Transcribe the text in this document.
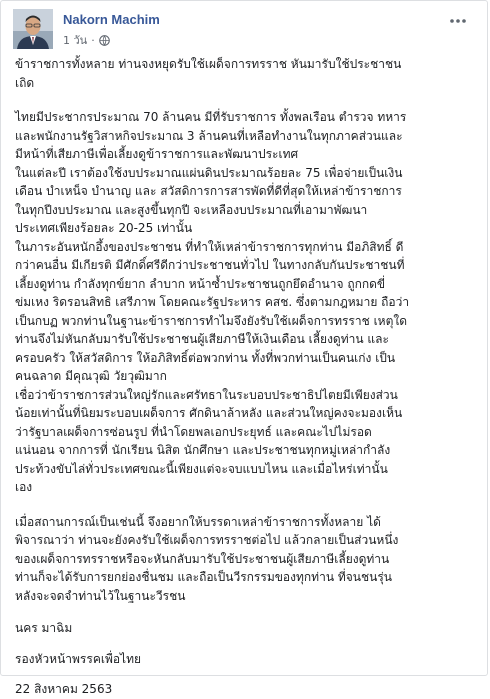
Nakorn Machim
1 วัน ·
ข้าราชการทั้งหลาย ท่านจงหยุดรับใช้เผด็จการทรราช หันมารับใช้ประชาชน
เถิด
ไทยมีประชากรประมาณ 70 ล้านคน มีที่รับราชการ ทั้งพลเรือน ตำรวจ ทหาร
และพนักงานรัฐวิสาหกิจประมาณ 3 ล้านคนที่เหลือทำงานในทุกภาคส่วนและ
มีหน้าที่เสียภาษีเพื่อเลี้ยงดูข้าราชการและพัฒนาประเทศ
ในแต่ละปี เราต้องใช้งบประมาณแผ่นดินประมาณร้อยละ 75 เพื่อจ่ายเป็นเงิน
เดือน บำเหน็จ บำนาญ และ สวัสดิการการสารพัดที่ดีที่สุดให้เหล่าข้าราชการ
ในทุกปีงบประมาณ และสูงขึ้นทุกปี จะเหลืองบประมาณที่เอามาพัฒนา
ประเทศเพียงร้อยละ 20-25 เท่านั้น
ในภาระอันหนักอึ้งของประชาชน ที่ทำให้เหล่าข้าราชการทุกท่าน มีอภิสิทธิ์ ดี
กว่าคนอื่น มีเกียรติ มีศักดิ์ศรีดีกว่าประชาชนทั่วไป ในทางกลับกันประชาชนที่
เลี้ยงดูท่าน กำลังทุกข์ยาก ลำบาก หน้าซ้ำประชาชนถูกยึดอำนาจ ถูกกดขี่
ข่มเหง ริดรอนสิทธิ เสรีภาพ โดยคณะรัฐประหาร คสช. ซึ่งตามกฎหมาย ถือว่า
เป็นกบฏ พวกท่านในฐานะข้าราชการทำไมจึงยังรับใช้เผด็จการทรราช เหตุใด
ท่านจึงไม่หันกลับมารับใช้ประชาชนผู้เสียภาษีให้เงินเดือน เลี้ยงดูท่าน และ
ครอบครัว ให้สวัสดิการ ให้อภิสิทธิ์ต่อพวกท่าน ทั้งที่พวกท่านเป็นคนเก่ง เป็น
คนฉลาด มีคุณวุฒิ วัยวุฒิมาก
เชื่อว่าข้าราชการส่วนใหญ่รักและศรัทธาในระบอบประชาธิปไตยมีเพียงส่วน
น้อยเท่านั้นที่นิยมระบอบเผด็จการ ศักดินาล้าหลัง และส่วนใหญ่คงจะมองเห็น
ว่ารัฐบาลเผด็จการซ่อนรูป ที่นำโดยพลเอกประยุทธ์ และคณะไปไม่รอด
แน่นอน จากการที่ นักเรียน นิสิต นักศึกษา และประชาชนทุกหมู่เหล่ากำลัง
ประท้วงขับไล่ทั่วประเทศขณะนี้เพียงแต่จะจบแบบไหน และเมื่อไหร่เท่านั้น
เอง
เมื่อสถานการณ์เป็นเช่นนี้ จึงอยากให้บรรดาเหล่าข้าราชการทั้งหลาย ได้
พิจารณาว่า ท่านจะยังคงรับใช้เผด็จการทรราชต่อไป แล้วกลายเป็นส่วนหนึ่ง
ของเผด็จการทรราชหรือจะหันกลับมารับใช้ประชาชนผู้เสียภาษีเลี้ยงดูท่าน
ท่านก็จะได้รับการยกย่องชื่นชม และถือเป็นวีรกรรมของทุกท่าน ที่จนชนรุ่น
หลังจะจดจำท่านไว้ในฐานะวีรชน
นคร มาฉิม
รองหัวหน้าพรรคเพื่อไทย
22 สิงหาคม 2563
